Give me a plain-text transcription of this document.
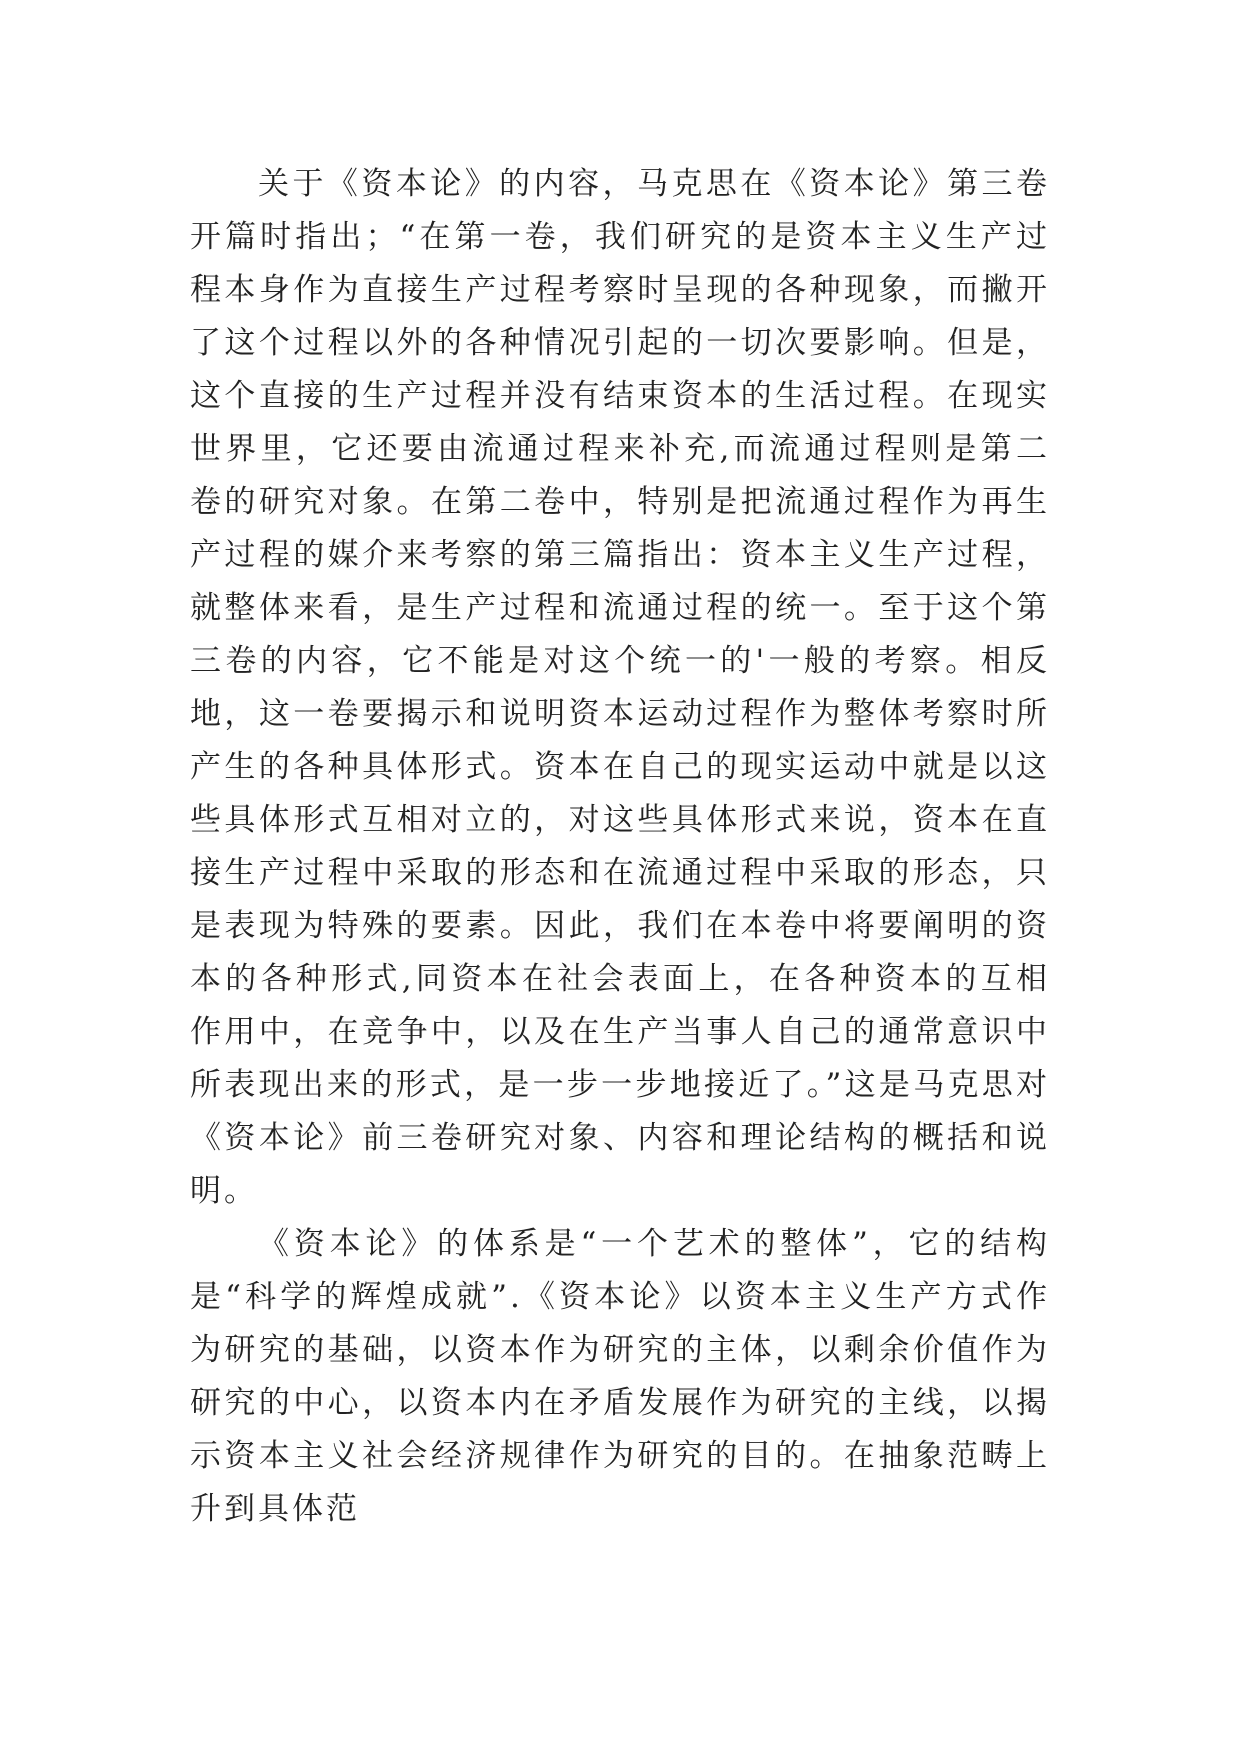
关于《资本论》的内容，马克思在《资本论》第三卷开篇时指出；“在第一卷，我们研究的是资本主义生产过程本身作为直接生产过程考察时呈现的各种现象，而撇开了这个过程以外的各种情况引起的一切次要影响。但是，这个直接的生产过程并没有结束资本的生活过程。在现实世界里，它还要由流通过程来补充,而流通过程则是第二卷的研究对象。在第二卷中，特别是把流通过程作为再生产过程的媒介来考察的第三篇指出：资本主义生产过程，就整体来看，是生产过程和流通过程的统一。至于这个第三卷的内容，它不能是对这个统一的'一般的考察。相反地，这一卷要揭示和说明资本运动过程作为整体考察时所产生的各种具体形式。资本在自己的现实运动中就是以这些具体形式互相对立的，对这些具体形式来说，资本在直接生产过程中采取的形态和在流通过程中采取的形态，只是表现为特殊的要素。因此，我们在本卷中将要阐明的资本的各种形式,同资本在社会表面上，在各种资本的互相作用中，在竞争中，以及在生产当事人自己的通常意识中所表现出来的形式，是一步一步地接近了。”这是马克思对《资本论》前三卷研究对象、内容和理论结构的概括和说明。

《资本论》的体系是“一个艺术的整体”，它的结构是“科学的辉煌成就”.《资本论》以资本主义生产方式作为研究的基础，以资本作为研究的主体，以剩余价值作为研究的中心，以资本内在矛盾发展作为研究的主线，以揭示资本主义社会经济规律作为研究的目的。在抽象范畴上升到具体范
